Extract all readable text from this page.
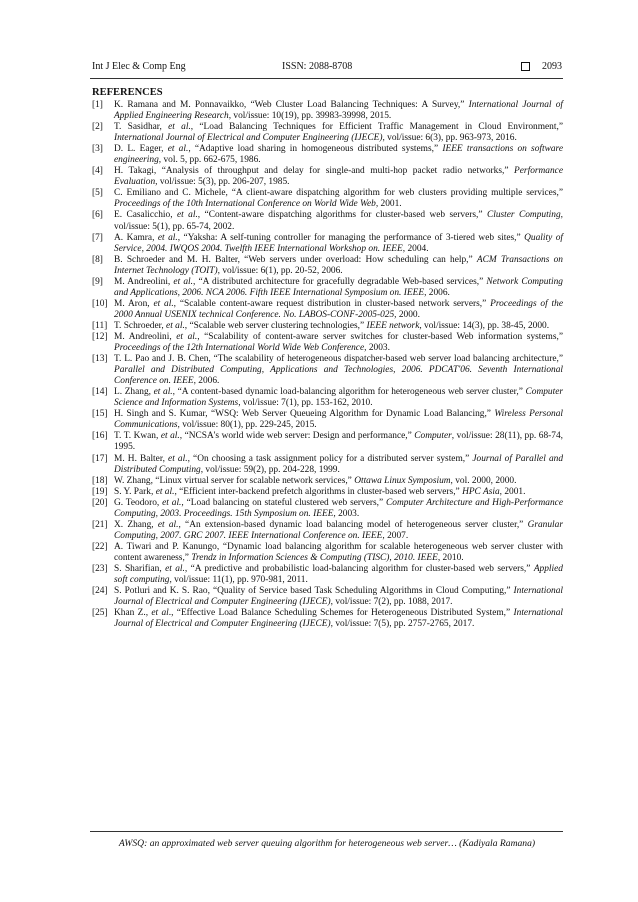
Int J Elec & Comp Eng	ISSN: 2088-8708	2093
REFERENCES
[1]	K. Ramana and M. Ponnavaikko, “Web Cluster Load Balancing Techniques: A Survey,” International Journal of Applied Engineering Research, vol/issue: 10(19), pp. 39983-39998, 2015.
[2]	T. Sasidhar, et al., “Load Balancing Techniques for Efficient Traffic Management in Cloud Environment,” International Journal of Electrical and Computer Engineering (IJECE), vol/issue: 6(3), pp. 963-973, 2016.
[3]	D. L. Eager, et al., “Adaptive load sharing in homogeneous distributed systems,” IEEE transactions on software engineering, vol. 5, pp. 662-675, 1986.
[4]	H. Takagi, “Analysis of throughput and delay for single-and multi-hop packet radio networks,” Performance Evaluation, vol/issue: 5(3), pp. 206-207, 1985.
[5]	C. Emiliano and C. Michele, “A client-aware dispatching algorithm for web clusters providing multiple services,” Proceedings of the 10th International Conference on World Wide Web, 2001.
[6]	E. Casalicchio, et al., “Content-aware dispatching algorithms for cluster-based web servers,” Cluster Computing, vol/issue: 5(1), pp. 65-74, 2002.
[7]	A. Kamra, et al., “Yaksha: A self-tuning controller for managing the performance of 3-tiered web sites,” Quality of Service, 2004. IWQOS 2004. Twelfth IEEE International Workshop on. IEEE, 2004.
[8]	B. Schroeder and M. H. Balter, “Web servers under overload: How scheduling can help,” ACM Transactions on Internet Technology (TOIT), vol/issue: 6(1), pp. 20-52, 2006.
[9]	M. Andreolini, et al., “A distributed architecture for gracefully degradable Web-based services,” Network Computing and Applications, 2006. NCA 2006. Fifth IEEE International Symposium on. IEEE, 2006.
[10] M. Aron, et al., “Scalable content-aware request distribution in cluster-based network servers,” Proceedings of the 2000 Annual USENIX technical Conference. No. LABOS-CONF-2005-025, 2000.
[11] T. Schroeder, et al., “Scalable web server clustering technologies,” IEEE network, vol/issue: 14(3), pp. 38-45, 2000.
[12] M. Andreolini, et al., “Scalability of content-aware server switches for cluster-based Web information systems,” Proceedings of the 12th International World Wide Web Conference, 2003.
[13] T. L. Pao and J. B. Chen, “The scalability of heterogeneous dispatcher-based web server load balancing architecture,” Parallel and Distributed Computing, Applications and Technologies, 2006. PDCAT'06. Seventh International Conference on. IEEE, 2006.
[14] L. Zhang, et al., “A content-based dynamic load-balancing algorithm for heterogeneous web server cluster,” Computer Science and Information Systems, vol/issue: 7(1), pp. 153-162, 2010.
[15] H. Singh and S. Kumar, “WSQ: Web Server Queueing Algorithm for Dynamic Load Balancing,” Wireless Personal Communications, vol/issue: 80(1), pp. 229-245, 2015.
[16] T. T. Kwan, et al., “NCSA's world wide web server: Design and performance,” Computer, vol/issue: 28(11), pp. 68-74, 1995.
[17] M. H. Balter, et al., “On choosing a task assignment policy for a distributed server system,” Journal of Parallel and Distributed Computing, vol/issue: 59(2), pp. 204-228, 1999.
[18] W. Zhang, “Linux virtual server for scalable network services,” Ottawa Linux Symposium, vol. 2000, 2000.
[19] S. Y. Park, et al., “Efficient inter-backend prefetch algorithms in cluster-based web servers,” HPC Asia, 2001.
[20] G. Teodoro, et al., “Load balancing on stateful clustered web servers,” Computer Architecture and High-Performance Computing, 2003. Proceedings. 15th Symposium on. IEEE, 2003.
[21] X. Zhang, et al., “An extension-based dynamic load balancing model of heterogeneous server cluster,” Granular Computing, 2007. GRC 2007. IEEE International Conference on. IEEE, 2007.
[22] A. Tiwari and P. Kanungo, “Dynamic load balancing algorithm for scalable heterogeneous web server cluster with content awareness,” Trendz in Information Sciences & Computing (TISC), 2010. IEEE, 2010.
[23] S. Sharifian, et al., “A predictive and probabilistic load-balancing algorithm for cluster-based web servers,” Applied soft computing, vol/issue: 11(1), pp. 970-981, 2011.
[24] S. Potluri and K. S. Rao, “Quality of Service based Task Scheduling Algorithms in Cloud Computing,” International Journal of Electrical and Computer Engineering (IJECE), vol/issue: 7(2), pp. 1088, 2017.
[25] Khan Z., et al., “Effective Load Balance Scheduling Schemes for Heterogeneous Distributed System,” International Journal of Electrical and Computer Engineering (IJECE), vol/issue: 7(5), pp. 2757-2765, 2017.
AWSQ: an approximated web server queuing algorithm for heterogeneous web server… (Kadiyala Ramana)
